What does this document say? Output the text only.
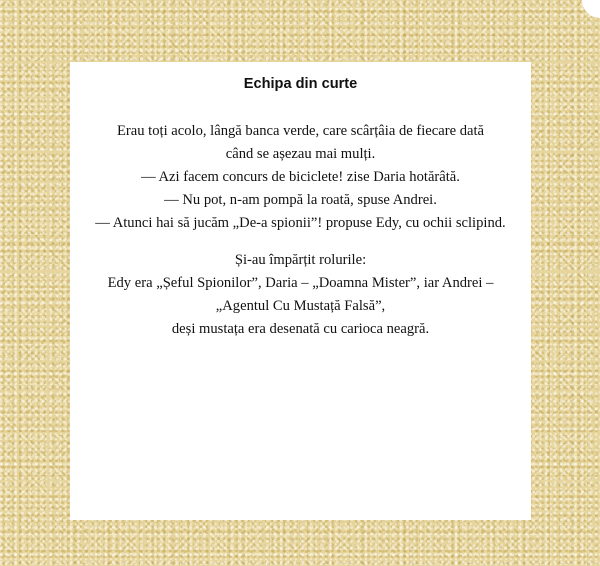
Echipa din curte
Erau toți acolo, lângă banca verde, care scârțâia de fiecare dată
când se așezau mai mulți.
— Azi facem concurs de biciclete! zise Daria hotărâtă.
— Nu pot, n-am pompă la roată, spuse Andrei.
— Atunci hai să jucăm „De-a spionii”! propuse Edy, cu ochii sclipind.
Și-au împărțit rolurile:
Edy era „Șeful Spionilor”, Daria – „Doamna Mister”, iar Andrei –
„Agentul Cu Mustață Falsă”,
deși mustața era desenată cu carioca neagră.
